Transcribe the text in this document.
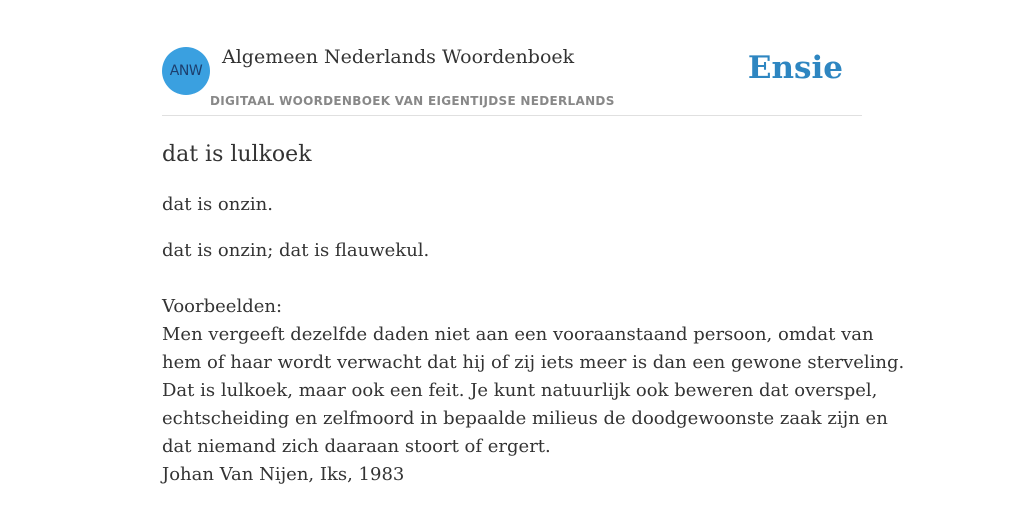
ANW
Algemeen Nederlands Woordenboek
DIGITAAL WOORDENBOEK VAN EIGENTIJDSE NEDERLANDS
Ensie
dat is lulkoek
dat is onzin.
dat is onzin; dat is flauwekul.
Voorbeelden:
Men vergeeft dezelfde daden niet aan een vooraanstaand persoon, omdat van
hem of haar wordt verwacht dat hij of zij iets meer is dan een gewone sterveling.
Dat is lulkoek, maar ook een feit. Je kunt natuurlijk ook beweren dat overspel,
echtscheiding en zelfmoord in bepaalde milieus de doodgewoonste zaak zijn en
dat niemand zich daaraan stoort of ergert.
Johan Van Nijen, Iks, 1983
